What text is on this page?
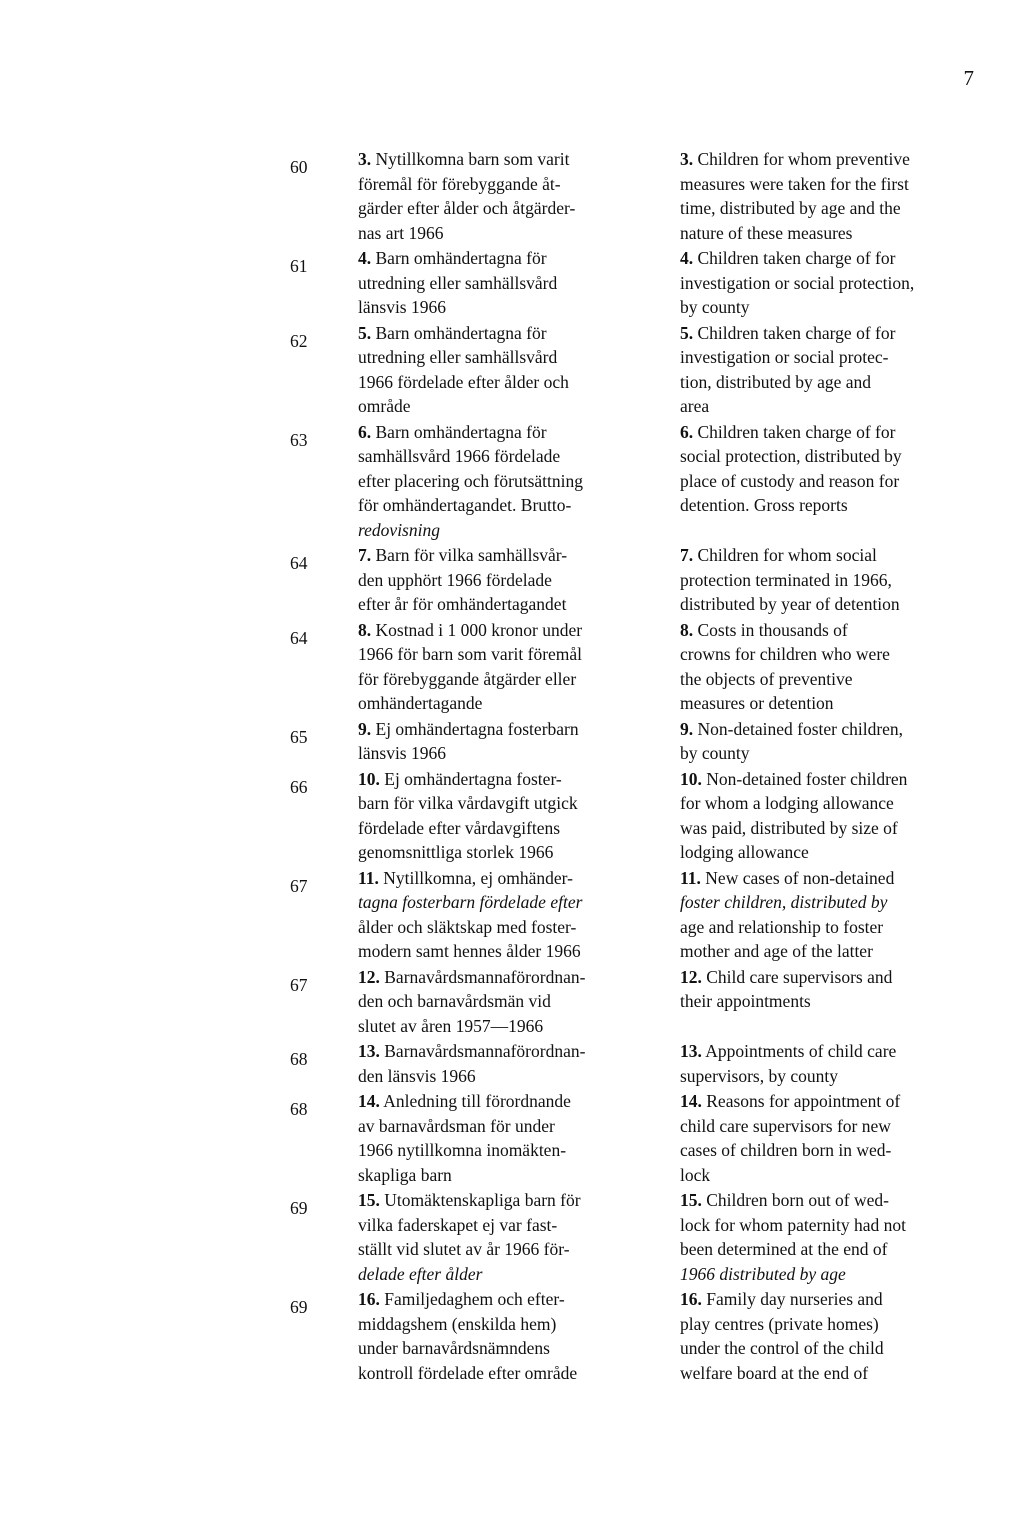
7
60	3. Nytillkomna barn som varit
föremål för förebyggande åt-
gärder efter ålder och åtgärder-
nas art 1966
3. Children for whom preventive
measures were taken for the first
time, distributed by age and the
nature of these measures
61	4. Barn omhändertagna för
utredning eller samhällsvård
länsvis 1966
4. Children taken charge of for
investigation or social protection,
by county
62	5. Barn omhändertagna för
utredning eller samhällsvård
1966 fördelade efter ålder och
område
5. Children taken charge of for
investigation or social protec-
tion, distributed by age and
area
63	6. Barn omhändertagna för
samhällsvård 1966 fördelade
efter placering och förutsättning
för omhändertagandet. Brutto-
redovisning
6. Children taken charge of for
social protection, distributed by
place of custody and reason for
detention. Gross reports
64	7. Barn för vilka samhällsvår-
den upphört 1966 fördelade
efter år för omhändertagandet
7. Children for whom social
protection terminated in 1966,
distributed by year of detention
64	8. Kostnad i 1 000 kronor under
1966 för barn som varit föremål
för förebyggande åtgärder eller
omhändertagande
8. Costs in thousands of
crowns for children who were
the objects of preventive
measures or detention
65	9. Ej omhändertagna fosterbarn
länsvis 1966
9. Non-detained foster children,
by county
66	10. Ej omhändertagna foster-
barn för vilka vårdavgift utgick
fördelade efter vårdavgiftens
genomsnittliga storlek 1966
10. Non-detained foster children
for whom a lodging allowance
was paid, distributed by size of
lodging allowance
67	11. Nytillkomna, ej omhänder-
tagna fosterbarn fördelade efter
ålder och släktskap med foster-
modern samt hennes ålder 1966
11. New cases of non-detained
foster children, distributed by
age and relationship to foster
mother and age of the latter
67	12. Barnavårdsmannaförordnan-
den och barnavårdsmän vid
slutet av åren 1957—1966
12. Child care supervisors and
their appointments
68	13. Barnavårdsmannaförordnan-
den länsvis 1966
13. Appointments of child care
supervisors, by county
68	14. Anledning till förordnande
av barnavårdsman för under
1966 nytillkomna inomäkten-
skapliga barn
14. Reasons for appointment of
child care supervisors for new
cases of children born in wed-
lock
69	15. Utomäktenskapliga barn för
vilka faderskapet ej var fast-
ställt vid slutet av år 1966 för-
delade efter ålder
15. Children born out of wed-
lock for whom paternity had not
been determined at the end of
1966 distributed by age
69	16. Familjedaghem och efter-
middagshem (enskilda hem)
under barnavårdsnämndens
kontroll fördelade efter område
16. Family day nurseries and
play centres (private homes)
under the control of the child
welfare board at the end of
